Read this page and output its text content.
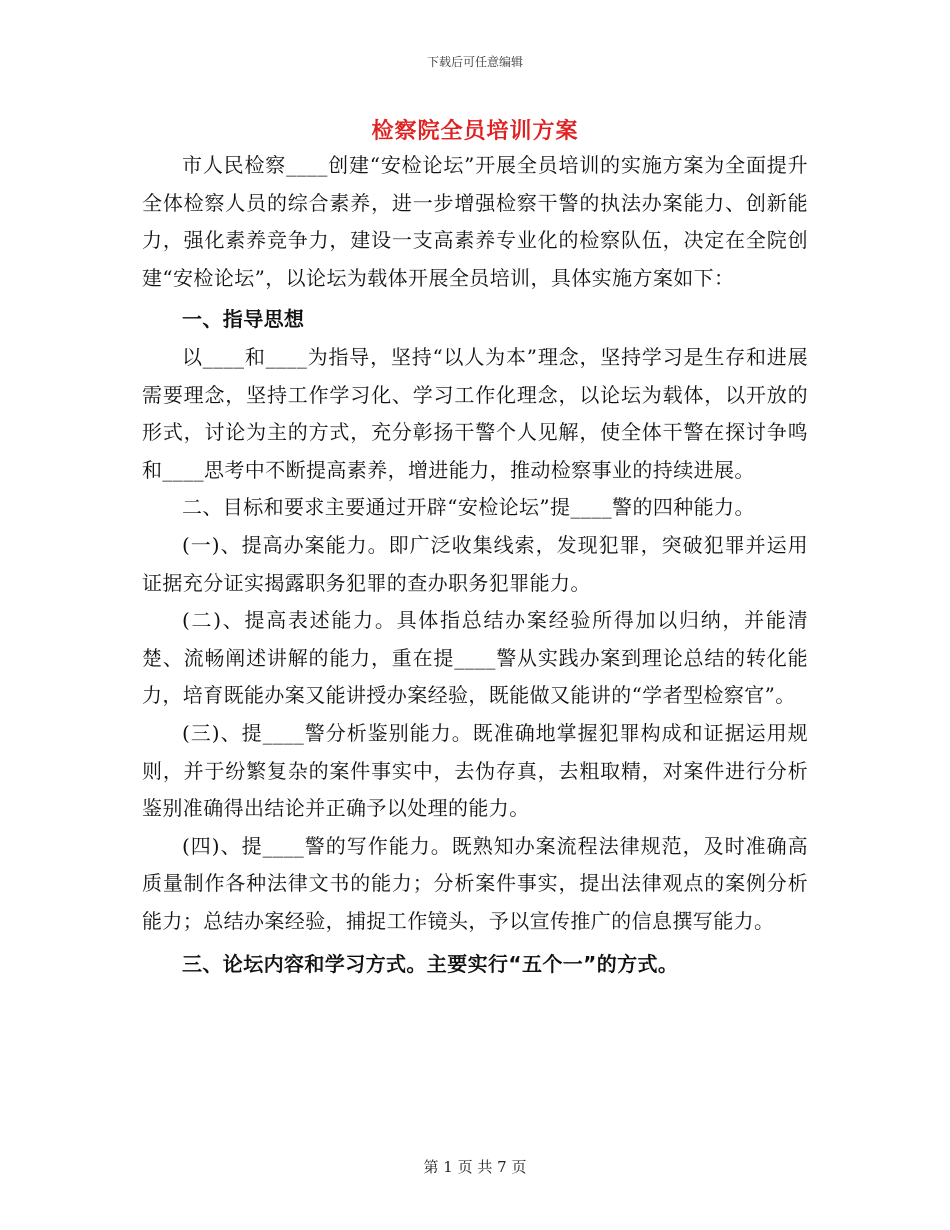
下载后可任意编辑
检察院全员培训方案

市人民检察____创建“安检论坛”开展全员培训的实施方案为全面提升全体检察人员的综合素养，进一步增强检察干警的执法办案能力、创新能力，强化素养竞争力，建设一支高素养专业化的检察队伍，决定在全院创建“安检论坛”，以论坛为载体开展全员培训，具体实施方案如下：

一、指导思想

以____和____为指导，坚持“以人为本”理念，坚持学习是生存和进展需要理念，坚持工作学习化、学习工作化理念，以论坛为载体，以开放的形式，讨论为主的方式，充分彰扬干警个人见解，使全体干警在探讨争鸣和____思考中不断提高素养，增进能力，推动检察事业的持续进展。

二、目标和要求主要通过开辟“安检论坛”提____警的四种能力。

(一)、提高办案能力。即广泛收集线索，发现犯罪，突破犯罪并运用证据充分证实揭露职务犯罪的查办职务犯罪能力。

(二)、提高表述能力。具体指总结办案经验所得加以归纳，并能清楚、流畅阐述讲解的能力，重在提____警从实践办案到理论总结的转化能力，培育既能办案又能讲授办案经验，既能做又能讲的“学者型检察官”。

(三)、提____警分析鉴别能力。既准确地掌握犯罪构成和证据运用规则，并于纷繁复杂的案件事实中，去伪存真，去粗取精，对案件进行分析鉴别准确得出结论并正确予以处理的能力。

(四)、提____警的写作能力。既熟知办案流程法律规范，及时准确高质量制作各种法律文书的能力；分析案件事实，提出法律观点的案例分析能力；总结办案经验，捕捉工作镜头，予以宣传推广的信息撰写能力。

三、论坛内容和学习方式。主要实行“五个一”的方式。

第 1 页 共 7 页
